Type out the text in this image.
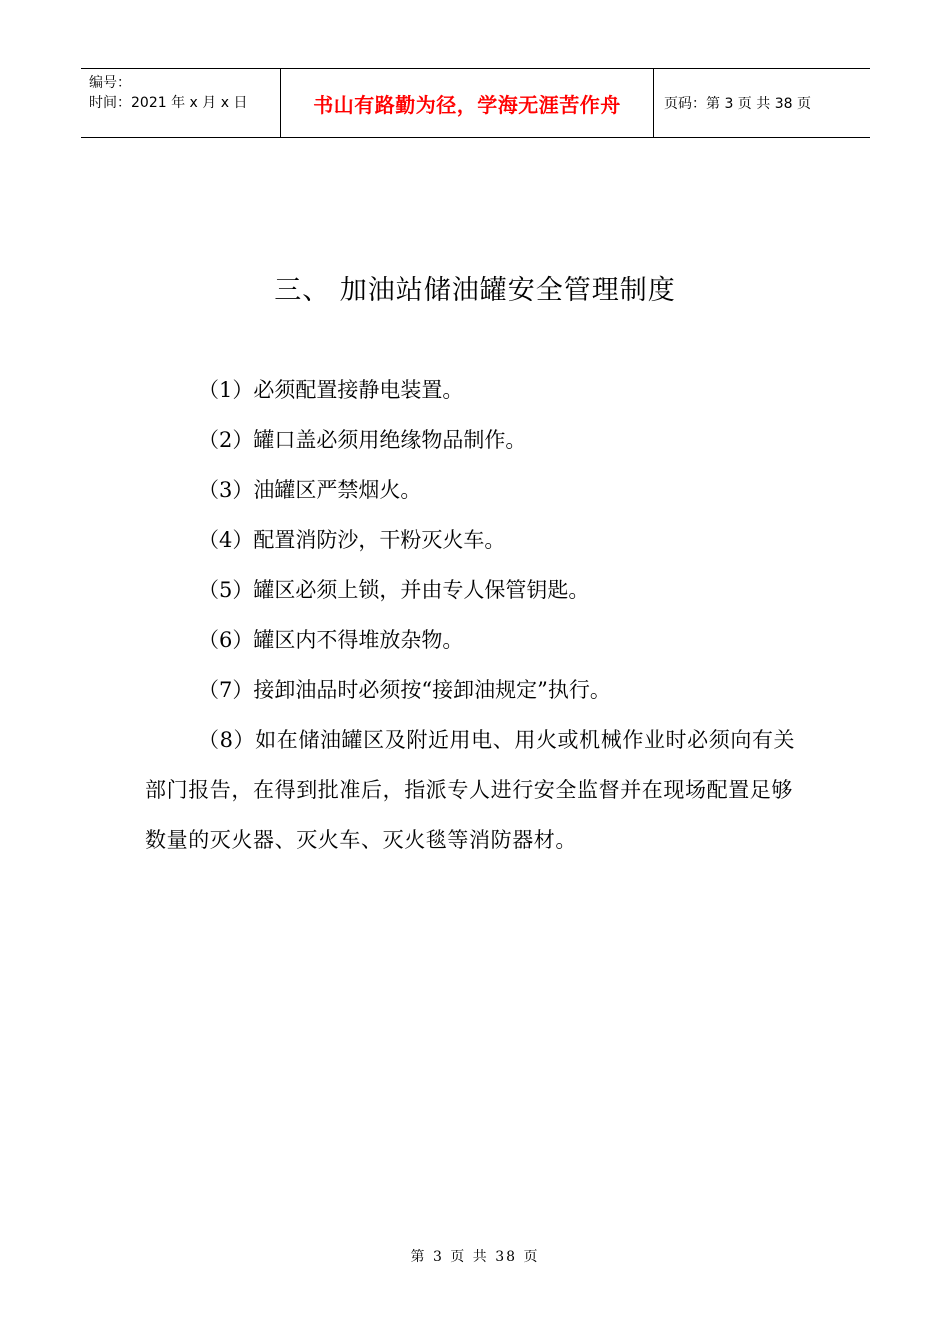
编号：
时间：2021 年 x 月 x 日	书山有路勤为径，学海无涯苦作舟	页码：第 3 页 共 38 页
三、 加油站储油罐安全管理制度

（1）必须配置接静电装置。

（2）罐口盖必须用绝缘物品制作。

（3）油罐区严禁烟火。

（4）配置消防沙，干粉灭火车。

（5）罐区必须上锁，并由专人保管钥匙。

（6）罐区内不得堆放杂物。

（7）接卸油品时必须按“接卸油规定”执行。

（8）如在储油罐区及附近用电、用火或机械作业时必须向有关部门报告，在得到批准后，指派专人进行安全监督并在现场配置足够数量的灭火器、灭火车、灭火毯等消防器材。

第 3 页 共 38 页
